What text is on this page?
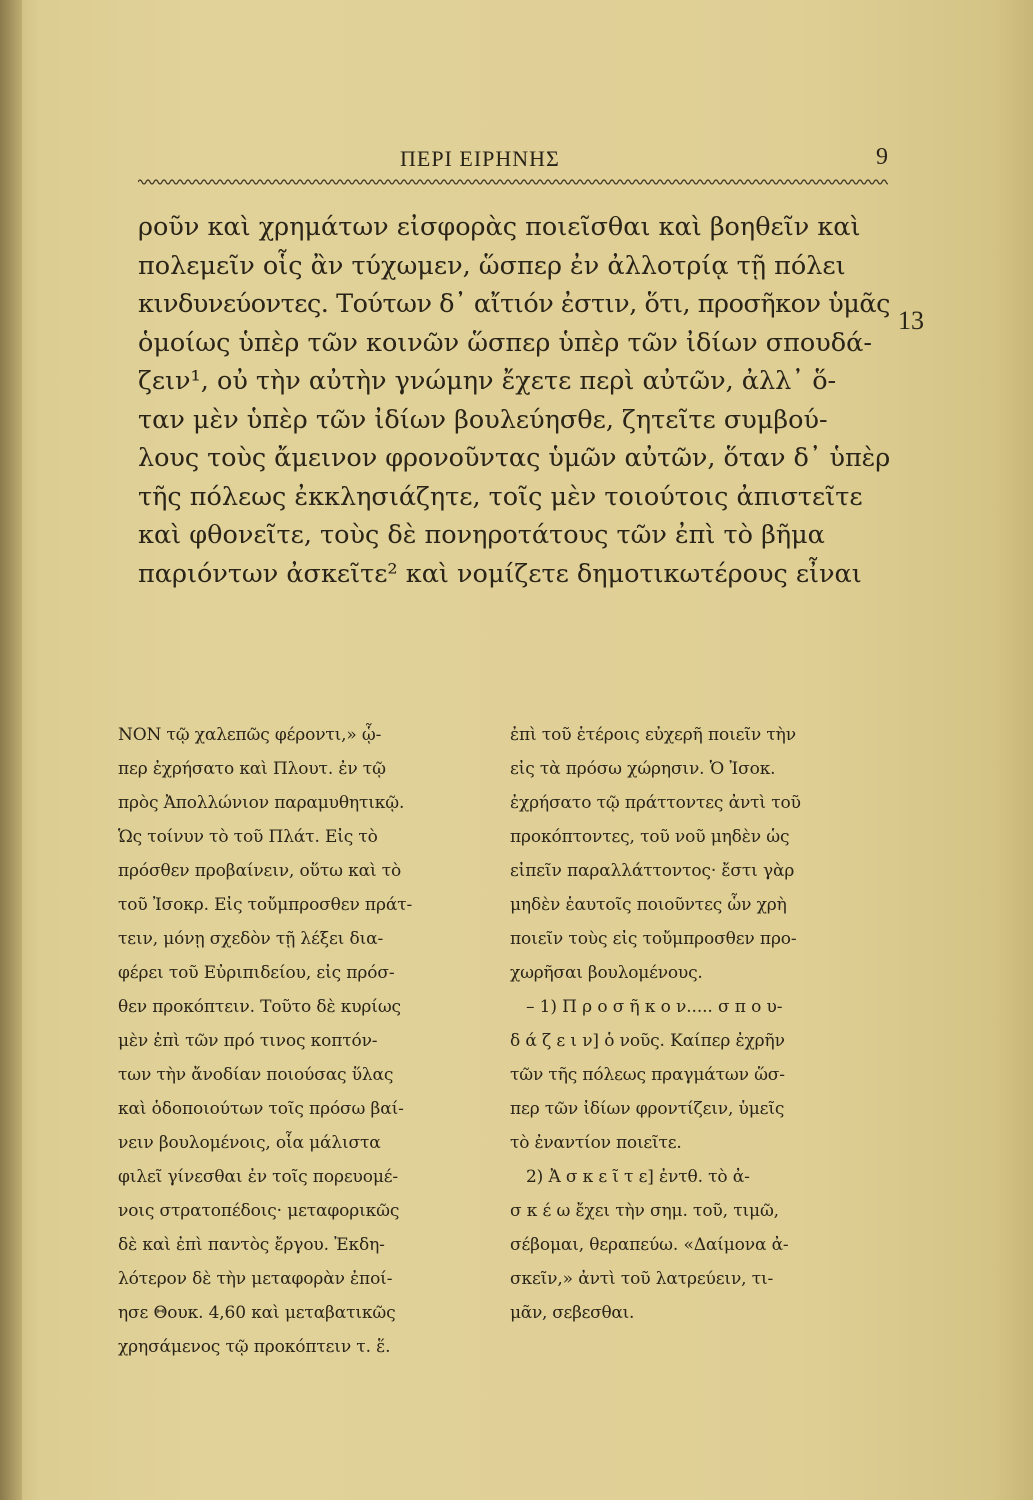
ΠΕΡΙ ΕΙΡΗΝΗΣ	9
ροῦν καὶ χρημάτων εἰσφορὰς ποιεῖσθαι καὶ βοηθεῖν καὶ
πολεμεῖν οἷς ἂν τύχωμεν, ὥσπερ ἐν ἀλλοτρίᾳ τῇ πόλει
κινδυνεύοντες. Τούτων δ᾽ αἴτιόν ἐστιν, ὅτι, προσῆκον ὑμᾶς
ὁμοίως ὑπὲρ τῶν κοινῶν ὥσπερ ὑπὲρ τῶν ἰδίων σπουδά-
ζειν¹, οὐ τὴν αὐτὴν γνώμην ἔχετε περὶ αὐτῶν, ἀλλ᾽ ὅ-
ταν μὲν ὑπὲρ τῶν ἰδίων βουλεύησθε, ζητεῖτε συμβού-
λους τοὺς ἄμεινον φρονοῦντας ὑμῶν αὐτῶν, ὅταν δ᾽ ὑπὲρ
τῆς πόλεως ἐκκλησιάζητε, τοῖς μὲν τοιούτοις ἀπιστεῖτε
καὶ φθονεῖτε, τοὺς δὲ πονηροτάτους τῶν ἐπὶ τὸ βῆμα
παριόντων ἀσκεῖτε² καὶ νομίζετε δημοτικωτέρους εἶναι
13
ΝΟΝ τῷ χαλεπῶς φέροντι,» ᾧ-
περ ἐχρήσατο καὶ Πλουτ. ἐν τῷ
πρὸς Ἀπολλώνιον παραμυθητικῷ.
Ὡς τοίνυν τὸ τοῦ Πλάτ. Εἰς τὸ
πρόσθεν προβαίνειν, οὕτω καὶ τὸ
τοῦ Ἰσοκρ. Εἰς τοὔμπροσθεν πράτ-
τειν, μόνῃ σχεδὸν τῇ λέξει δια-
φέρει τοῦ Εὐριπιδείου, εἰς πρόσ-
θεν προκόπτειν. Τοῦτο δὲ κυρίως
μὲν ἐπὶ τῶν πρό τινος κοπτόν-
των τὴν ἄνοδίαν ποιούσας ὕλας
καὶ ὁδοποιούτων τοῖς πρόσω βαί-
νειν βουλομένοις, οἷα μάλιστα
φιλεῖ γίνεσθαι ἐν τοῖς πορευομέ-
νοις στρατοπέδοις· μεταφορικῶς
δὲ καὶ ἐπὶ παντὸς ἔργου. Ἐκδη-
λότερον δὲ τὴν μεταφορὰν ἐποί-
ησε Θουκ. 4,60 καὶ μεταβατικῶς
χρησάμενος τῷ προκόπτειν τ. ἕ.
ἐπὶ τοῦ ἑτέροις εὐχερῆ ποιεῖν τὴν
εἰς τὰ πρόσω χώρησιν. Ὁ Ἰσοκ.
ἐχρήσατο τῷ πράττοντες ἀντὶ τοῦ
προκόπτοντες, τοῦ νοῦ μηδὲν ὡς
εἰπεῖν παραλλάττοντος· ἔστι γὰρ
μηδὲν ἑαυτοῖς ποιοῦντες ὧν χρὴ
ποιεῖν τοὺς εἰς τοὔμπροσθεν προ-
χωρῆσαι βουλομένους.
– 1) Π ρ ο σ ῆ κ ο ν..... σ π ο υ-
δ ά ζ ε ι ν] ὁ νοῦς. Καίπερ ἐχρῆν
τῶν τῆς πόλεως πραγμάτων ὥσ-
περ τῶν ἰδίων φροντίζειν, ὑμεῖς
τὸ ἐναντίον ποιεῖτε.
2) Ἀ σ κ ε ῖ τ ε] ἐντθ. τὸ ἀ-
σ κ έ ω ἔχει τὴν σημ. τοῦ, τιμῶ,
σέβομαι, θεραπεύω. «Δαίμονα ἀ-
σκεῖν,» ἀντὶ τοῦ λατρεύειν, τι-
μᾶν, σεβεσθαι.
